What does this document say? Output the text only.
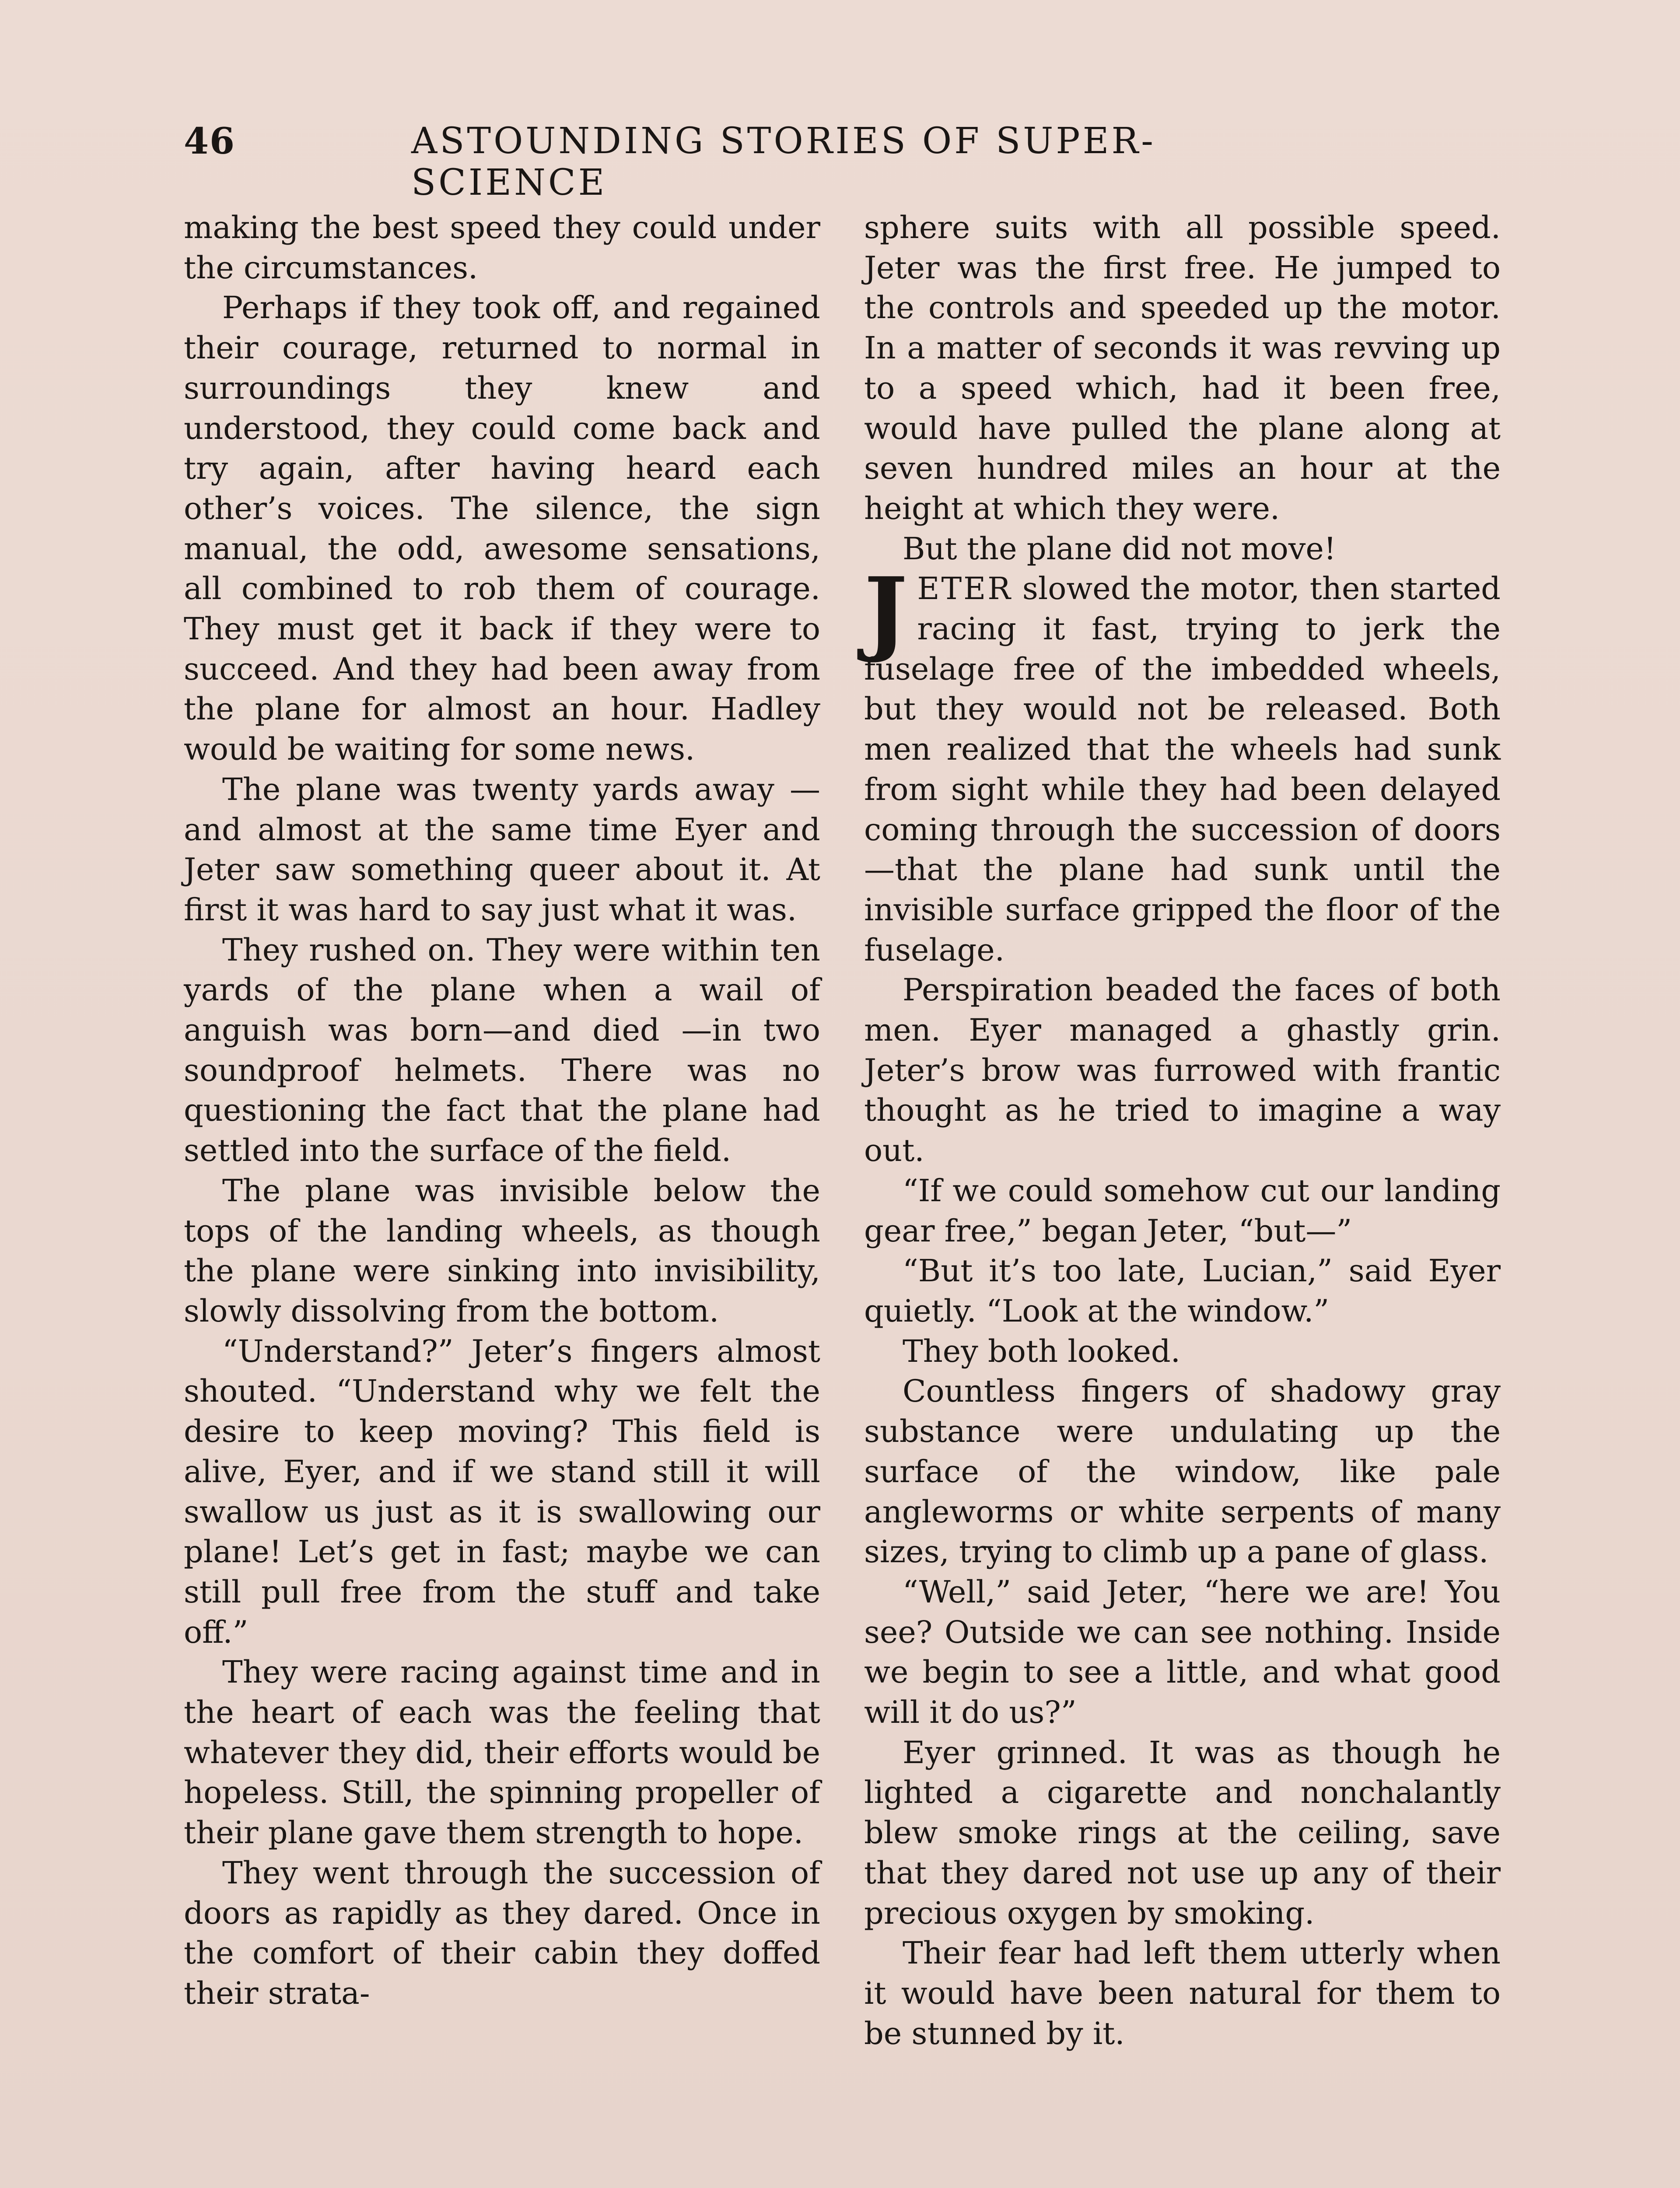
46	ASTOUNDING STORIES OF SUPER-SCIENCE

making the best speed they could under the circumstances.

Perhaps if they took off, and regained their courage, returned to normal in surroundings they knew and understood, they could come back and try again, after having heard each other’s voices. The silence, the sign manual, the odd, awesome sensations, all combined to rob them of courage. They must get it back if they were to succeed. And they had been away from the plane for almost an hour. Hadley would be waiting for some news.

The plane was twenty yards away —and almost at the same time Eyer and Jeter saw something queer about it. At first it was hard to say just what it was.

They rushed on. They were within ten yards of the plane when a wail of anguish was born—and died —in two soundproof helmets. There was no questioning the fact that the plane had settled into the surface of the field.

The plane was invisible below the tops of the landing wheels, as though the plane were sinking into invisibility, slowly dissolving from the bottom.

“Understand?” Jeter’s fingers almost shouted. “Understand why we felt the desire to keep moving? This field is alive, Eyer, and if we stand still it will swallow us just as it is swallowing our plane! Let’s get in fast; maybe we can still pull free from the stuff and take off.”

They were racing against time and in the heart of each was the feeling that whatever they did, their efforts would be hopeless. Still, the spinning propeller of their plane gave them strength to hope.

They went through the succession of doors as rapidly as they dared. Once in the comfort of their cabin they doffed their strata-

sphere suits with all possible speed. Jeter was the first free. He jumped to the controls and speeded up the motor. In a matter of seconds it was revving up to a speed which, had it been free, would have pulled the plane along at seven hundred miles an hour at the height at which they were.

But the plane did not move!

JETER slowed the motor, then started racing it fast, trying to jerk the fuselage free of the imbedded wheels, but they would not be released. Both men realized that the wheels had sunk from sight while they had been delayed coming through the succession of doors—that the plane had sunk until the invisible surface gripped the floor of the fuselage.

Perspiration beaded the faces of both men. Eyer managed a ghastly grin. Jeter’s brow was furrowed with frantic thought as he tried to imagine a way out.

“If we could somehow cut our landing gear free,” began Jeter, “but—”

“But it’s too late, Lucian,” said Eyer quietly. “Look at the window.”

They both looked.

Countless fingers of shadowy gray substance were undulating up the surface of the window, like pale angleworms or white serpents of many sizes, trying to climb up a pane of glass.

“Well,” said Jeter, “here we are! You see? Outside we can see nothing. Inside we begin to see a little, and what good will it do us?”

Eyer grinned. It was as though he lighted a cigarette and nonchalantly blew smoke rings at the ceiling, save that they dared not use up any of their precious oxygen by smoking.

Their fear had left them utterly when it would have been natural for them to be stunned by it.
